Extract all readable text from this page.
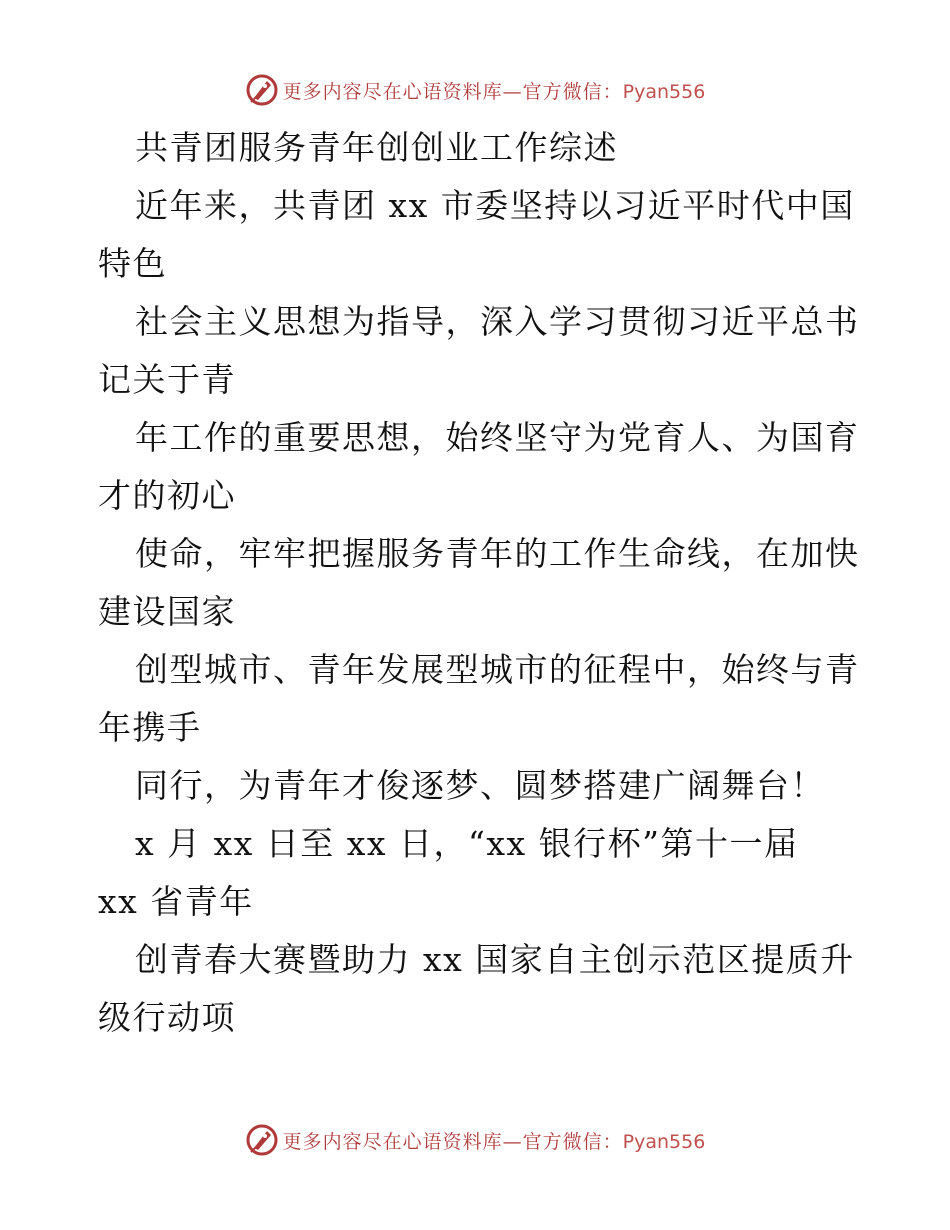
更多内容尽在心语资料库—官方微信：Pyan556
共青团服务青年创创业工作综述
近年来，共青团 xx 市委坚持以习近平时代中国
特色
社会主义思想为指导，深入学习贯彻习近平总书
记关于青
年工作的重要思想，始终坚守为党育人、为国育
才的初心
使命，牢牢把握服务青年的工作生命线，在加快
建设国家
创型城市、青年发展型城市的征程中，始终与青
年携手
同行，为青年才俊逐梦、圆梦搭建广阔舞台！
x 月 xx 日至 xx 日，“xx 银行杯”第十一届
xx 省青年
创青春大赛暨助力 xx 国家自主创示范区提质升
级行动项
更多内容尽在心语资料库—官方微信：Pyan556
